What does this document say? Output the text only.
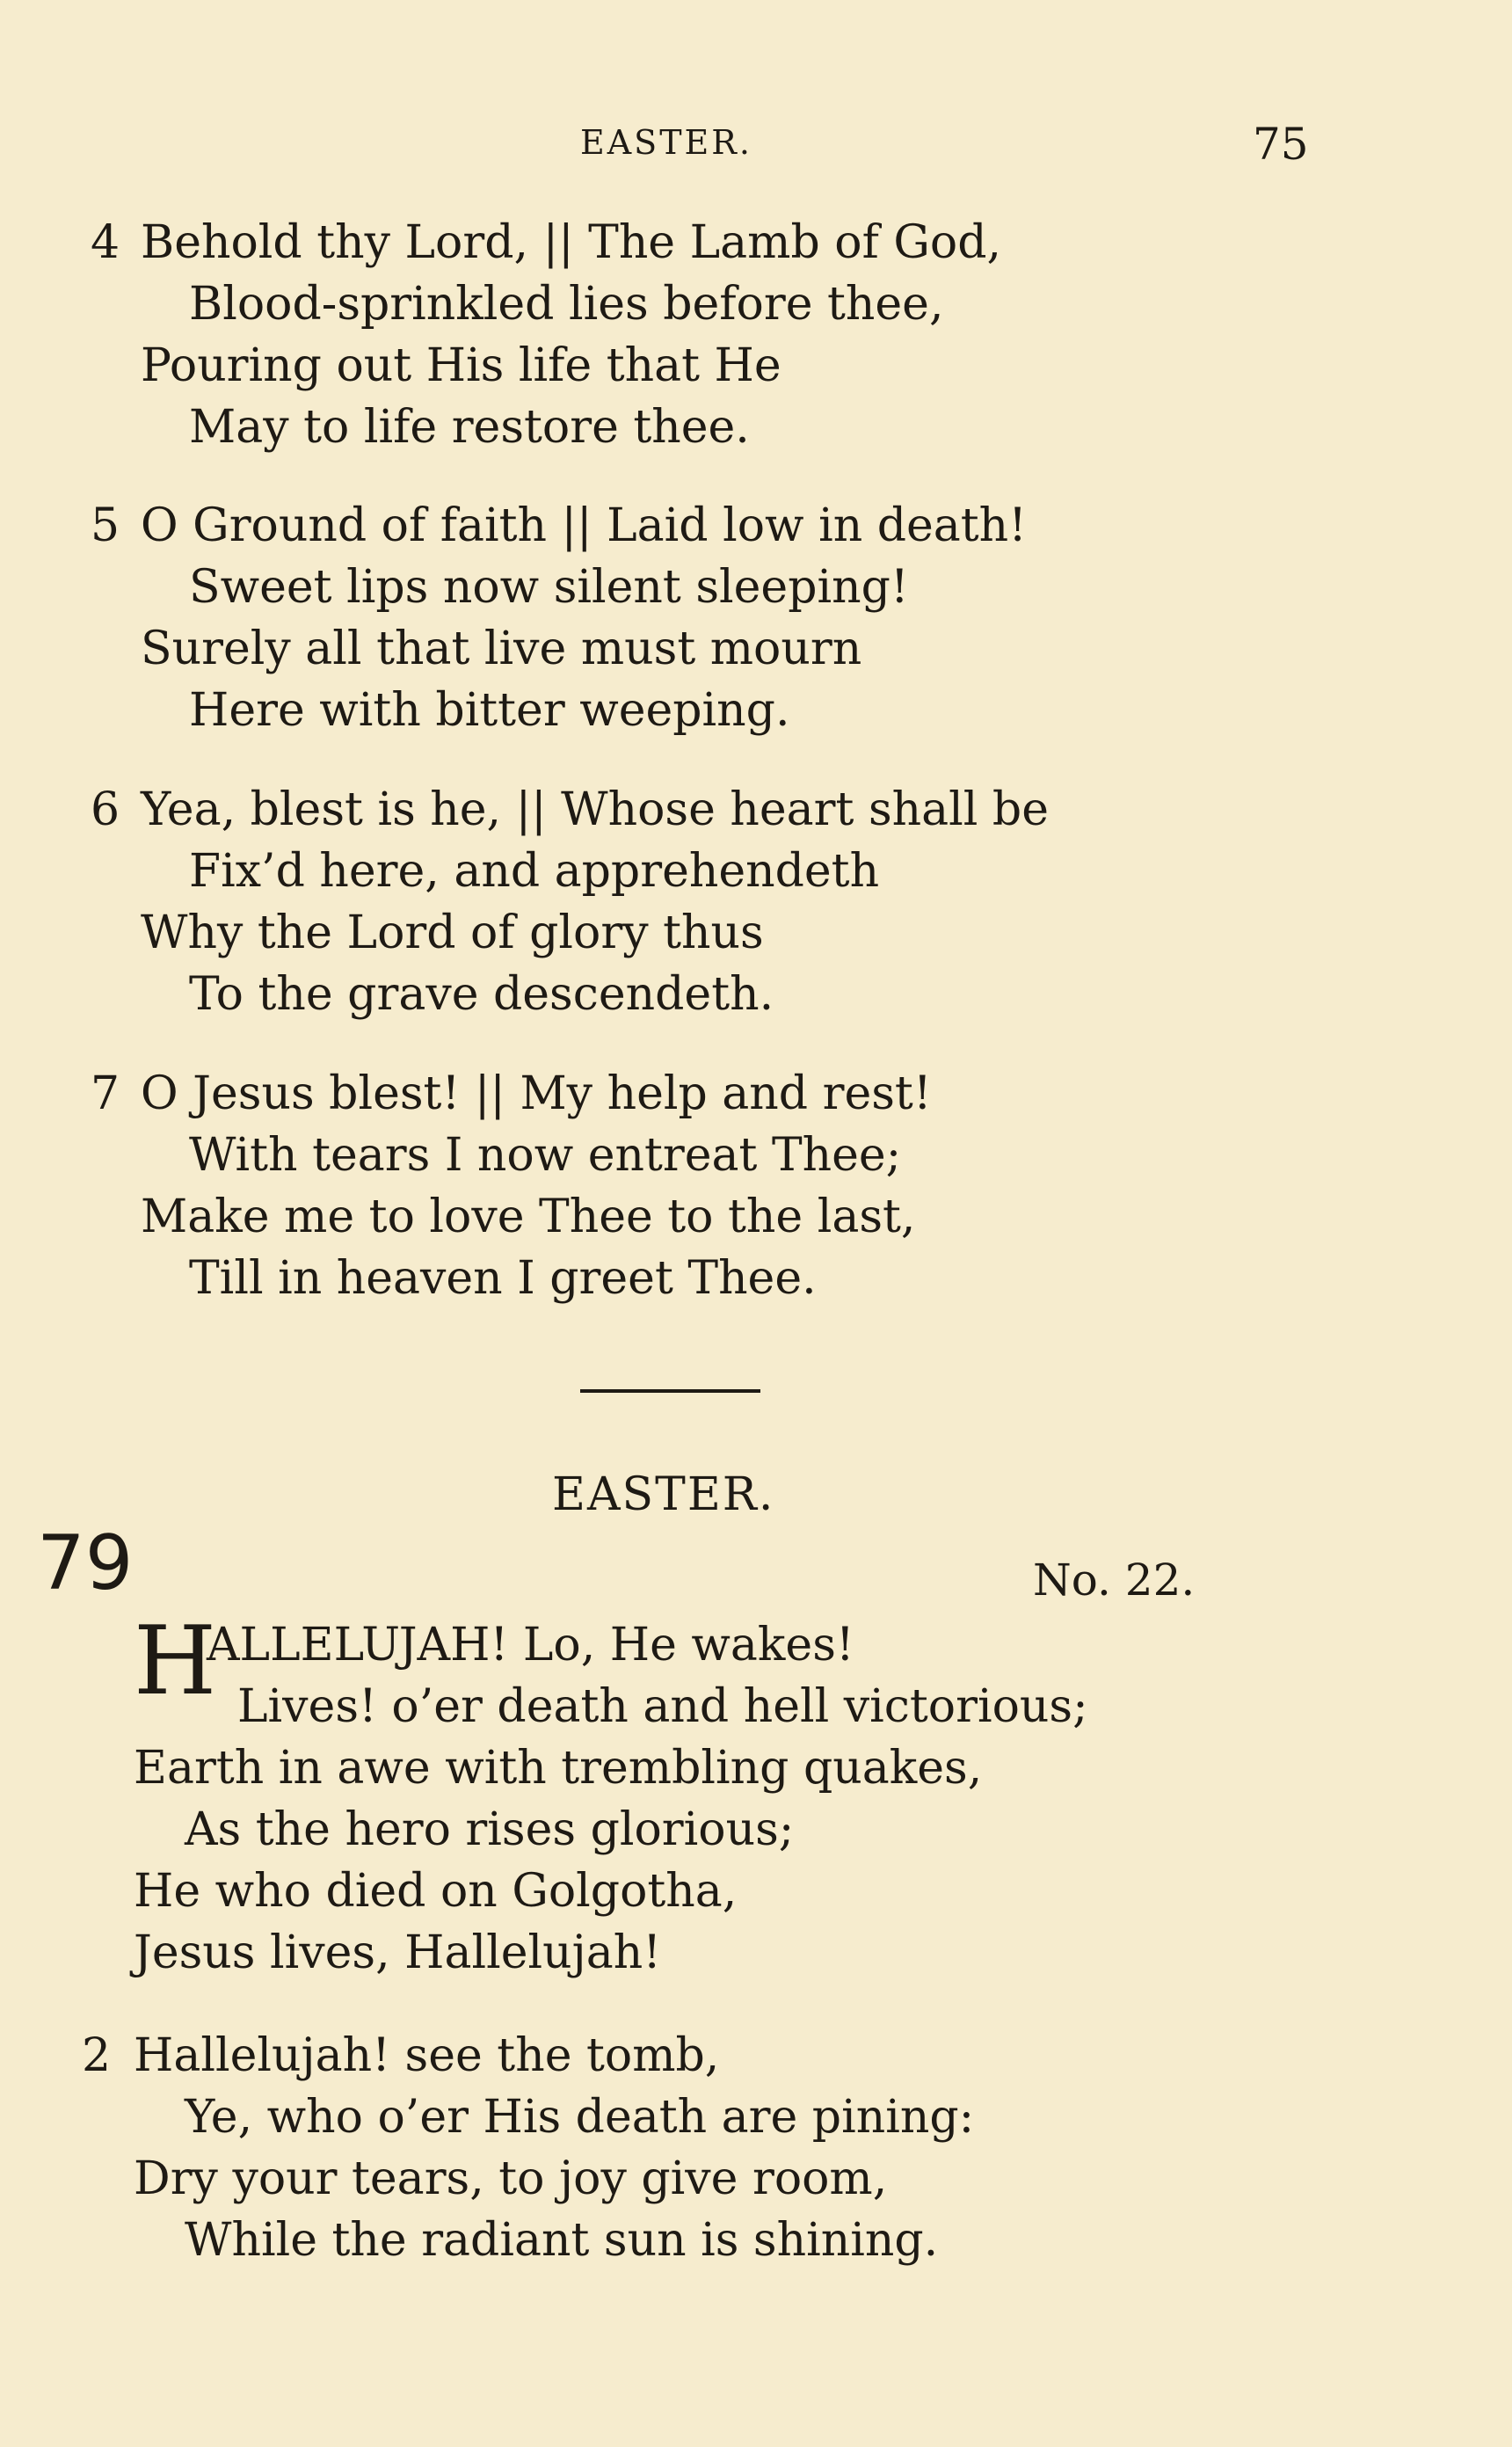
EASTER.	75
4 Behold thy Lord, || The Lamb of God,
Blood-sprinkled lies before thee,
Pouring out His life that He
May to life restore thee.
5 O Ground of faith || Laid low in death!
Sweet lips now silent sleeping!
Surely all that live must mourn
Here with bitter weeping.
6 Yea, blest is he, || Whose heart shall be
Fix’d here, and apprehendeth
Why the Lord of glory thus
To the grave descendeth.
7 O Jesus blest! || My help and rest!
With tears I now entreat Thee;
Make me to love Thee to the last,
Till in heaven I greet Thee.
EASTER.
79	No. 22.
H
ALLELUJAH! Lo, He wakes!
Lives! o’er death and hell victorious;
Earth in awe with trembling quakes,
As the hero rises glorious;
He who died on Golgotha,
Jesus lives, Hallelujah!
2 Hallelujah! see the tomb,
Ye, who o’er His death are pining:
Dry your tears, to joy give room,
While the radiant sun is shining.
